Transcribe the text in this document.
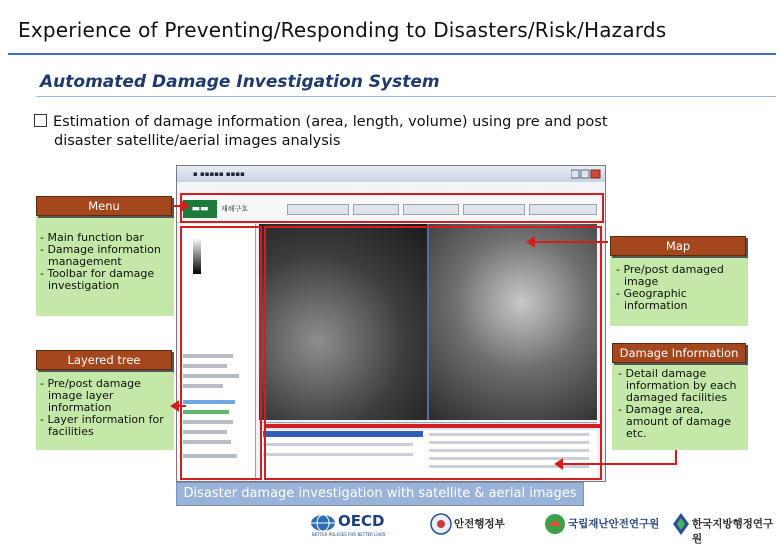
Experience of Preventing/Responding to Disasters/Risk/Hazards
Automated Damage Investigation System
Estimation of damage information (area, length, volume) using pre and post
disaster satellite/aerial images analysis
- Main function bar
- Damage information management
- Toolbar for damage investigation
Menu
- Pre/post damage image layer information
- Layer information for facilities
Layered tree
- Pre/post damaged image
- Geographic information
Map
- Detail damage information by each damaged facilities
- Damage area, amount of damage etc.
Damage Information
▪ ▪▪▪▪▪ ▪▪▪▪
▬▬	재해구호
Disaster damage investigation with satellite & aerial images
OECD
BETTER POLICIES FOR BETTER LIVES
안전행정부	국립재난안전연구원	한국지방행정연구원
